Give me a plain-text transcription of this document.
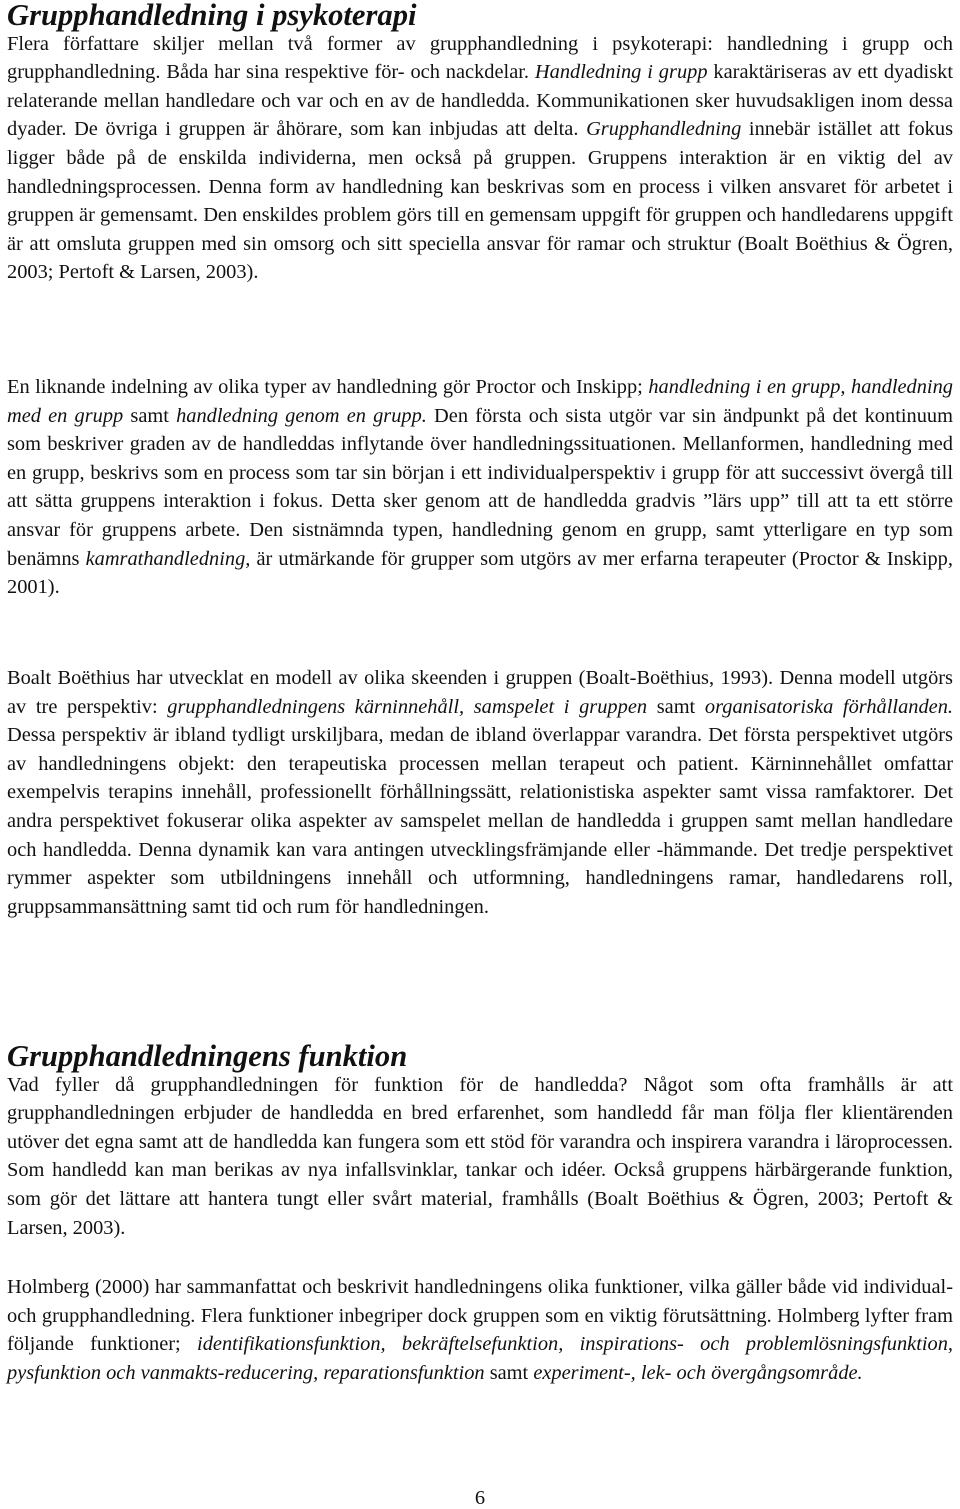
Grupphandledning i psykoterapi

Flera författare skiljer mellan två former av grupphandledning i psykoterapi: handledning i grupp och grupphandledning. Båda har sina respektive för- och nackdelar. Handledning i grupp karaktäriseras av ett dyadiskt relaterande mellan handledare och var och en av de handledda. Kommunikationen sker huvudsakligen inom dessa dyader. De övriga i gruppen är åhörare, som kan inbjudas att delta. Grupphandledning innebär istället att fokus ligger både på de enskilda individerna, men också på gruppen. Gruppens interaktion är en viktig del av handledningsprocessen. Denna form av handledning kan beskrivas som en process i vilken ansvaret för arbetet i gruppen är gemensamt. Den enskildes problem görs till en gemensam uppgift för gruppen och handledarens uppgift är att omsluta gruppen med sin omsorg och sitt speciella ansvar för ramar och struktur (Boalt Boëthius & Ögren, 2003; Pertoft & Larsen, 2003).

En liknande indelning av olika typer av handledning gör Proctor och Inskipp; handledning i en grupp, handledning med en grupp samt handledning genom en grupp. Den första och sista utgör var sin ändpunkt på det kontinuum som beskriver graden av de handleddas inflytande över handledningssituationen. Mellanformen, handledning med en grupp, beskrivs som en process som tar sin början i ett individualperspektiv i grupp för att successivt övergå till att sätta gruppens interaktion i fokus. Detta sker genom att de handledda gradvis ”lärs upp” till att ta ett större ansvar för gruppens arbete. Den sistnämnda typen, handledning genom en grupp, samt ytterligare en typ som benämns kamrathandledning, är utmärkande för grupper som utgörs av mer erfarna terapeuter (Proctor & Inskipp, 2001).

Boalt Boëthius har utvecklat en modell av olika skeenden i gruppen (Boalt-Boëthius, 1993). Denna modell utgörs av tre perspektiv: grupphandledningens kärninnehåll, samspelet i gruppen samt organisatoriska förhållanden. Dessa perspektiv är ibland tydligt urskiljbara, medan de ibland överlappar varandra. Det första perspektivet utgörs av handledningens objekt: den terapeutiska processen mellan terapeut och patient. Kärninnehållet omfattar exempelvis terapins innehåll, professionellt förhållningssätt, relationistiska aspekter samt vissa ramfaktorer. Det andra perspektivet fokuserar olika aspekter av samspelet mellan de handledda i gruppen samt mellan handledare och handledda. Denna dynamik kan vara antingen utvecklingsfrämjande eller -hämmande. Det tredje perspektivet rymmer aspekter som utbildningens innehåll och utformning, handledningens ramar, handledarens roll, gruppsammansättning samt tid och rum för handledningen.

Grupphandledningens funktion

Vad fyller då grupphandledningen för funktion för de handledda? Något som ofta framhålls är att grupphandledningen erbjuder de handledda en bred erfarenhet, som handledd får man följa fler klientärenden utöver det egna samt att de handledda kan fungera som ett stöd för varandra och inspirera varandra i läroprocessen. Som handledd kan man berikas av nya infallsvinklar, tankar och idéer. Också gruppens härbärgerande funktion, som gör det lättare att hantera tungt eller svårt material, framhålls (Boalt Boëthius & Ögren, 2003; Pertoft & Larsen, 2003).

Holmberg (2000) har sammanfattat och beskrivit handledningens olika funktioner, vilka gäller både vid individual- och grupphandledning. Flera funktioner inbegriper dock gruppen som en viktig förutsättning. Holmberg lyfter fram följande funktioner; identifikationsfunktion, bekräftelsefunktion, inspirations- och problemlösningsfunktion, pysfunktion och vanmakts-reducering, reparationsfunktion samt experiment-, lek- och övergångsområde.

6
